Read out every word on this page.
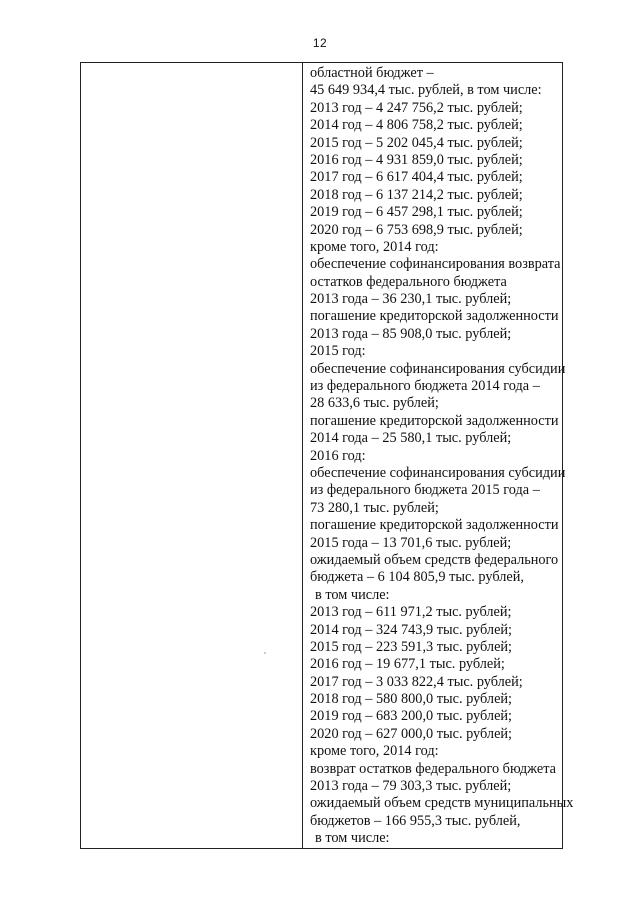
12

областной бюджет –
45 649 934,4 тыс. рублей, в том числе:
2013 год – 4 247 756,2 тыс. рублей;
2014 год – 4 806 758,2 тыс. рублей;
2015 год – 5 202 045,4 тыс. рублей;
2016 год – 4 931 859,0 тыс. рублей;
2017 год – 6 617 404,4 тыс. рублей;
2018 год – 6 137 214,2 тыс. рублей;
2019 год – 6 457 298,1 тыс. рублей;
2020 год – 6 753 698,9 тыс. рублей;
кроме того, 2014 год:
обеспечение софинансирования возврата
остатков федерального бюджета
2013 года – 36 230,1 тыс. рублей;
погашение кредиторской задолженности
2013 года – 85 908,0 тыс. рублей;
2015 год:
обеспечение софинансирования субсидии
из федерального бюджета 2014 года –
28 633,6 тыс. рублей;
погашение кредиторской задолженности
2014 года – 25 580,1 тыс. рублей;
2016 год:
обеспечение софинансирования субсидии
из федерального бюджета 2015 года –
73 280,1 тыс. рублей;
погашение кредиторской задолженности
2015 года – 13 701,6 тыс. рублей;
ожидаемый объем средств федерального
бюджета – 6 104 805,9 тыс. рублей,
в том числе:
2013 год – 611 971,2 тыс. рублей;
2014 год – 324 743,9 тыс. рублей;
2015 год – 223 591,3 тыс. рублей;
2016 год – 19 677,1 тыс. рублей;
2017 год – 3 033 822,4 тыс. рублей;
2018 год – 580 800,0 тыс. рублей;
2019 год – 683 200,0 тыс. рублей;
2020 год – 627 000,0 тыс. рублей;
кроме того, 2014 год:
возврат остатков федерального бюджета
2013 года – 79 303,3 тыс. рублей;
ожидаемый объем средств муниципальных
бюджетов – 166 955,3 тыс. рублей,
в том числе:
